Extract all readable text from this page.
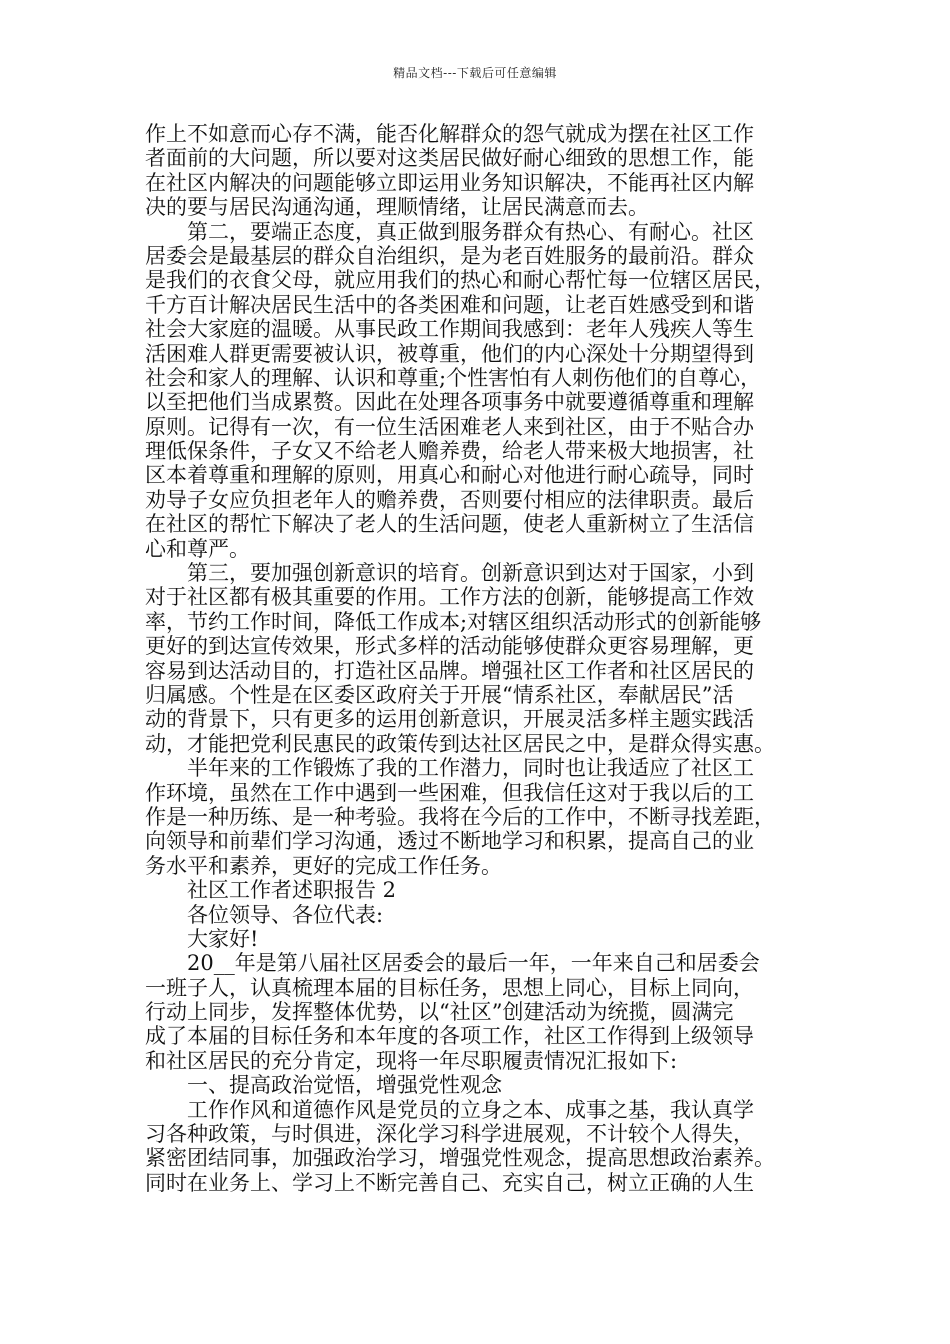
精品文档---下载后可任意编辑
作上不如意而心存不满，能否化解群众的怨气就成为摆在社区工作
者面前的大问题，所以要对这类居民做好耐心细致的思想工作，能
在社区内解决的问题能够立即运用业务知识解决，不能再社区内解
决的要与居民沟通沟通，理顺情绪，让居民满意而去。
第二，要端正态度，真正做到服务群众有热心、有耐心。社区
居委会是最基层的群众自治组织，是为老百姓服务的最前沿。群众
是我们的衣食父母，就应用我们的热心和耐心帮忙每一位辖区居民，
千方百计解决居民生活中的各类困难和问题，让老百姓感受到和谐
社会大家庭的温暖。从事民政工作期间我感到：老年人残疾人等生
活困难人群更需要被认识，被尊重，他们的内心深处十分期望得到
社会和家人的理解、认识和尊重;个性害怕有人刺伤他们的自尊心，
以至把他们当成累赘。因此在处理各项事务中就要遵循尊重和理解
原则。记得有一次，有一位生活困难老人来到社区，由于不贴合办
理低保条件，子女又不给老人赡养费，给老人带来极大地损害，社
区本着尊重和理解的原则，用真心和耐心对他进行耐心疏导，同时
劝导子女应负担老年人的赡养费，否则要付相应的法律职责。最后
在社区的帮忙下解决了老人的生活问题，使老人重新树立了生活信
心和尊严。
第三，要加强创新意识的培育。创新意识到达对于国家，小到
对于社区都有极其重要的作用。工作方法的创新，能够提高工作效
率，节约工作时间，降低工作成本;对辖区组织活动形式的创新能够
更好的到达宣传效果，形式多样的活动能够使群众更容易理解，更
容易到达活动目的，打造社区品牌。增强社区工作者和社区居民的
归属感。个性是在区委区政府关于开展“情系社区，奉献居民”活
动的背景下，只有更多的运用创新意识，开展灵活多样主题实践活
动，才能把党利民惠民的政策传到达社区居民之中，是群众得实惠。
半年来的工作锻炼了我的工作潜力，同时也让我适应了社区工
作环境，虽然在工作中遇到一些困难，但我信任这对于我以后的工
作是一种历练、是一种考验。我将在今后的工作中，不断寻找差距，
向领导和前辈们学习沟通，透过不断地学习和积累，提高自己的业
务水平和素养，更好的完成工作任务。
社区工作者述职报告 2
各位领导、各位代表:
大家好!
20__年是第八届社区居委会的最后一年，一年来自己和居委会
一班子人，认真梳理本届的目标任务，思想上同心，目标上同向，
行动上同步，发挥整体优势，以“社区”创建活动为统揽，圆满完
成了本届的目标任务和本年度的各项工作，社区工作得到上级领导
和社区居民的充分肯定，现将一年尽职履责情况汇报如下:
一、提高政治觉悟，增强党性观念
工作作风和道德作风是党员的立身之本、成事之基，我认真学
习各种政策，与时俱进，深化学习科学进展观，不计较个人得失，
紧密团结同事，加强政治学习，增强党性观念，提高思想政治素养。
同时在业务上、学习上不断完善自己、充实自己，树立正确的人生
